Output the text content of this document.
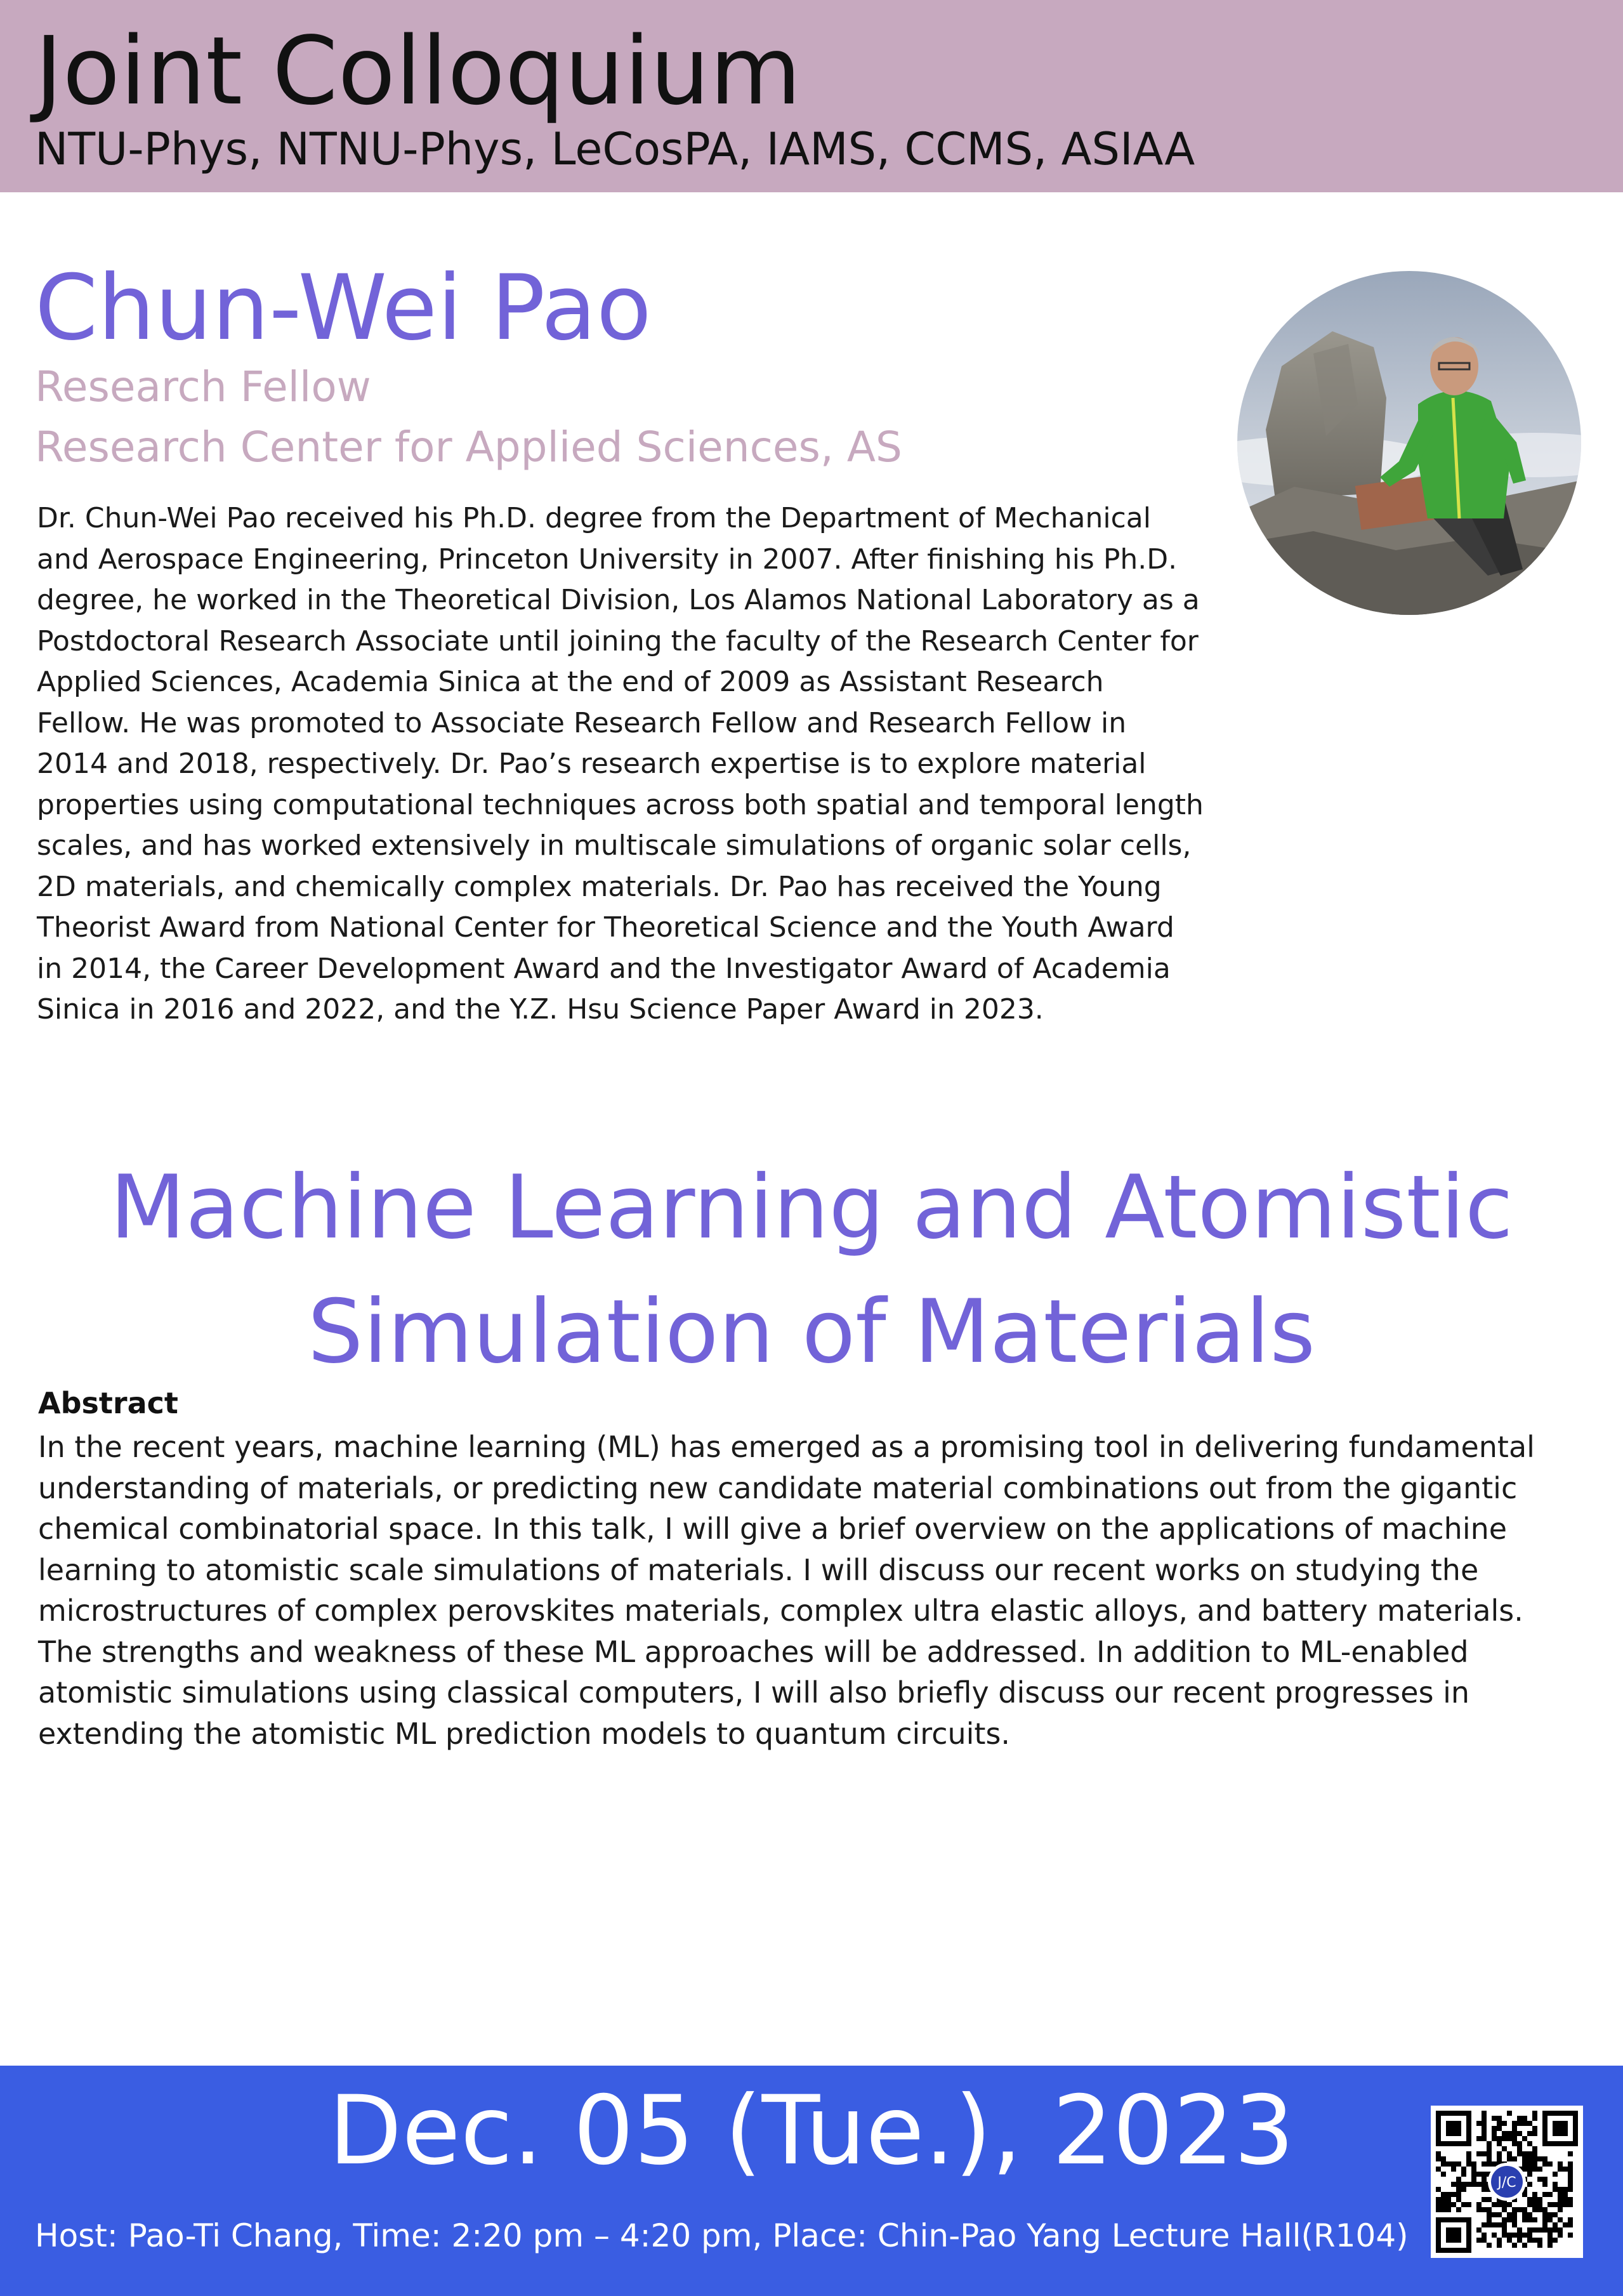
Joint Colloquium
NTU-Phys, NTNU-Phys, LeCosPA, IAMS, CCMS, ASIAA
Chun-Wei Pao
Research Fellow
Research Center for Applied Sciences, AS

Dr. Chun-Wei Pao received his Ph.D. degree from the Department of Mechanical and Aerospace Engineering, Princeton University in 2007. After finishing his Ph.D. degree, he worked in the Theoretical Division, Los Alamos National Laboratory as a Postdoctoral Research Associate until joining the faculty of the Research Center for Applied Sciences, Academia Sinica at the end of 2009 as Assistant Research Fellow. He was promoted to Associate Research Fellow and Research Fellow in 2014 and 2018, respectively. Dr. Pao’s research expertise is to explore material properties using computational techniques across both spatial and temporal length scales, and has worked extensively in multiscale simulations of organic solar cells, 2D materials, and chemically complex materials. Dr. Pao has received the Young Theorist Award from National Center for Theoretical Science and the Youth Award in 2014, the Career Development Award and the Investigator Award of Academia Sinica in 2016 and 2022, and the Y.Z. Hsu Science Paper Award in 2023.

Machine Learning and Atomistic
Simulation of Materials
Abstract

In the recent years, machine learning (ML) has emerged as a promising tool in delivering fundamental understanding of materials, or predicting new candidate material combinations out from the gigantic chemical combinatorial space. In this talk, I will give a brief overview on the applications of machine learning to atomistic scale simulations of materials. I will discuss our recent works on studying the microstructures of complex perovskites materials, complex ultra elastic alloys, and battery materials. The strengths and weakness of these ML approaches will be addressed. In addition to ML-enabled atomistic simulations using classical computers, I will also briefly discuss our recent progresses in extending the atomistic ML prediction models to quantum circuits.

Dec. 05 (Tue.), 2023
Host: Pao-Ti Chang, Time: 2:20 pm – 4:20 pm, Place: Chin-Pao Yang Lecture Hall(R104)
J/C
